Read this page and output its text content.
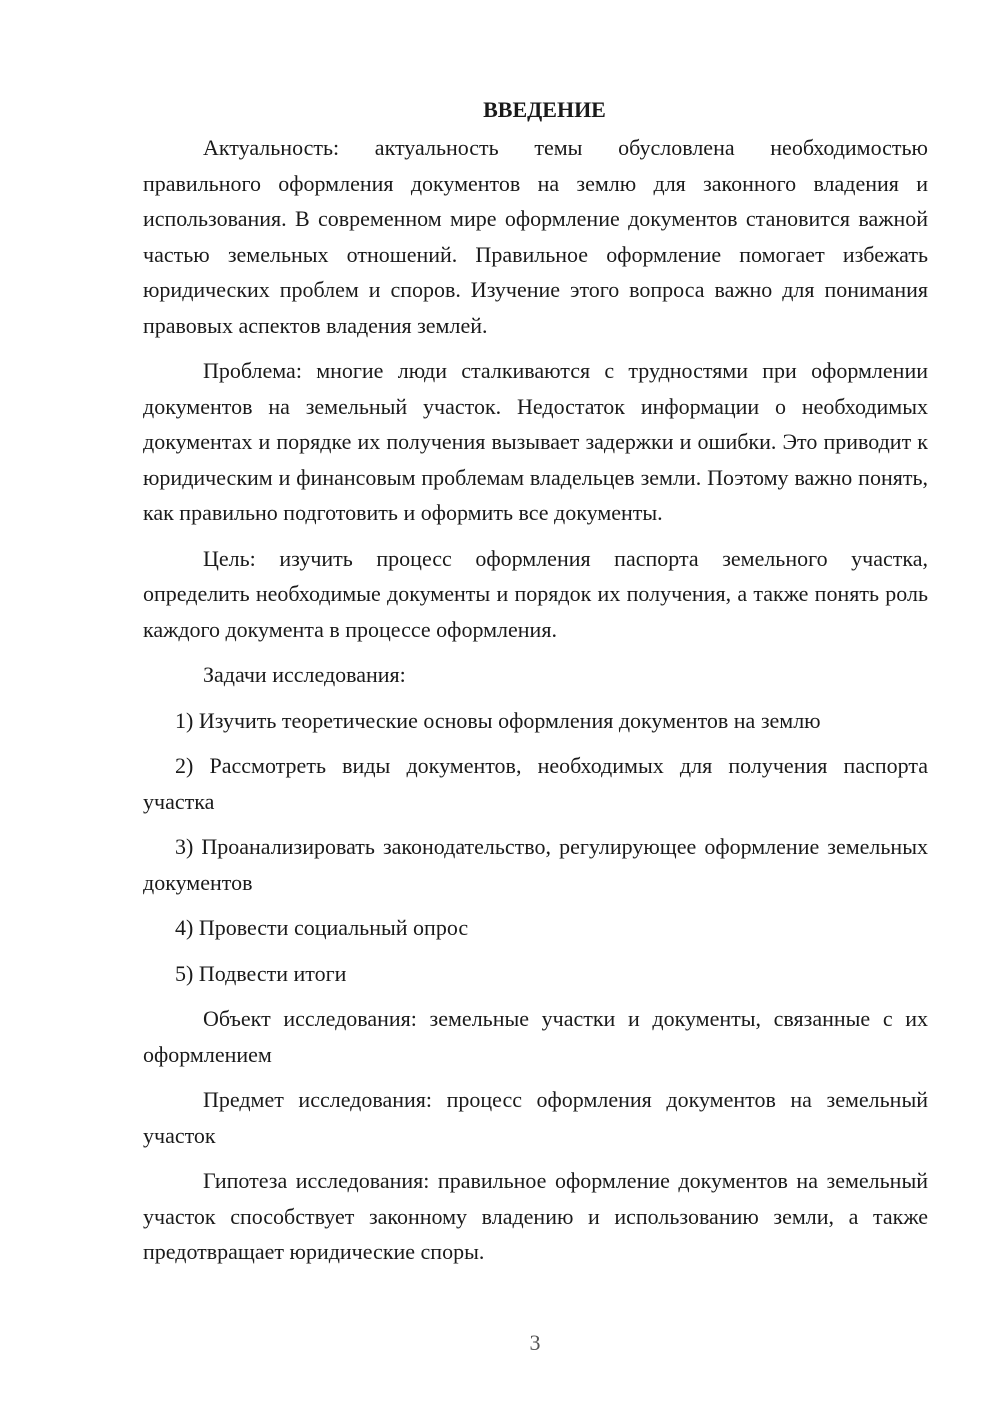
ВВЕДЕНИЕ

Актуальность: актуальность темы обусловлена необходимостью правильного оформления документов на землю для законного владения и использования. В современном мире оформление документов становится важной частью земельных отношений. Правильное оформление помогает избежать юридических проблем и споров. Изучение этого вопроса важно для понимания правовых аспектов владения землей.

Проблема: многие люди сталкиваются с трудностями при оформлении документов на земельный участок. Недостаток информации о необходимых документах и порядке их получения вызывает задержки и ошибки. Это приводит к юридическим и финансовым проблемам владельцев земли. Поэтому важно понять, как правильно подготовить и оформить все документы.

Цель: изучить процесс оформления паспорта земельного участка, определить необходимые документы и порядок их получения, а также понять роль каждого документа в процессе оформления.

Задачи исследования:

1) Изучить теоретические основы оформления документов на землю

2) Рассмотреть виды документов, необходимых для получения паспорта участка

3) Проанализировать законодательство, регулирующее оформление земельных документов

4) Провести социальный опрос

5) Подвести итоги

Объект исследования: земельные участки и документы, связанные с их оформлением

Предмет исследования: процесс оформления документов на земельный участок

Гипотеза исследования: правильное оформление документов на земельный участок способствует законному владению и использованию земли, а также предотвращает юридические споры.

3
